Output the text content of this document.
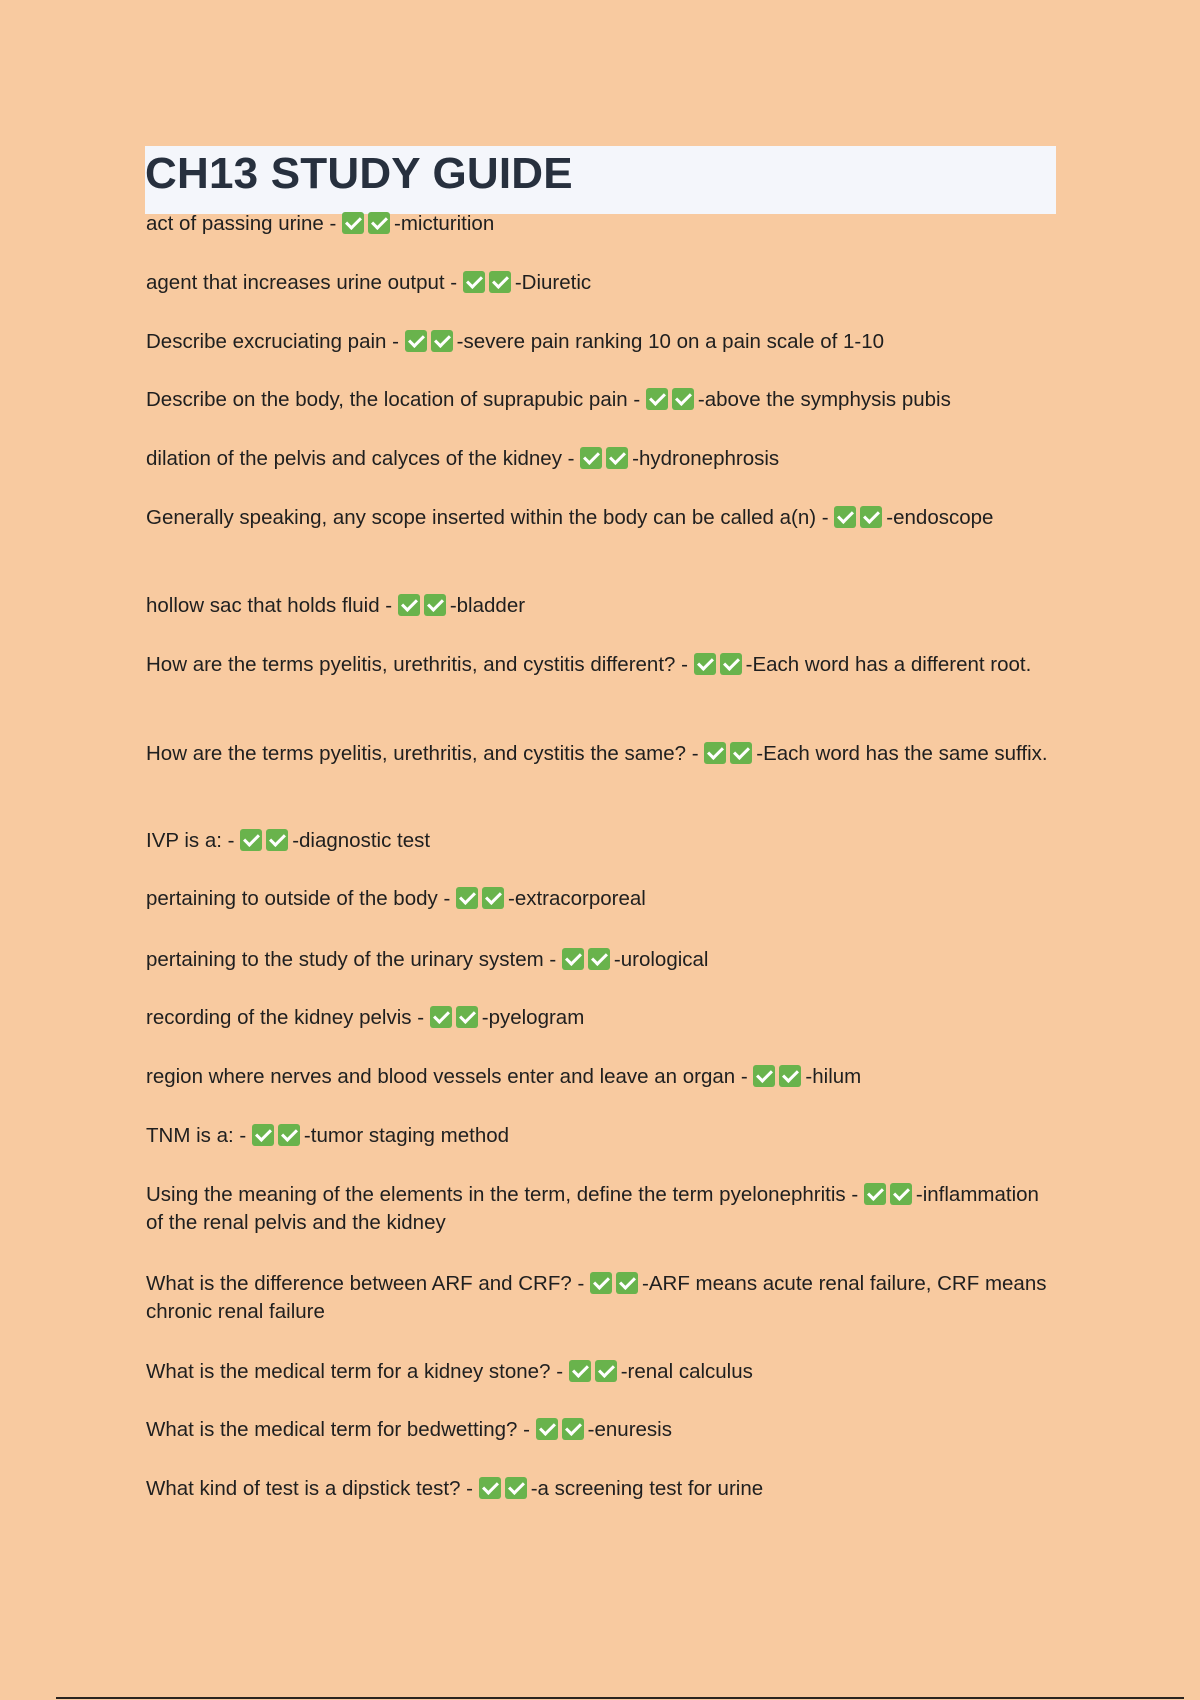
CH13 STUDY GUIDE
act of passing urine -	-micturition
agent that increases urine output -	-Diuretic
Describe excruciating pain -	-severe pain ranking 10 on a pain scale of 1-10
Describe on the body, the location of suprapubic pain -	-above the symphysis pubis
dilation of the pelvis and calyces of the kidney -	-hydronephrosis
Generally speaking, any scope inserted within the body can be called a(n) -	-endoscope
hollow sac that holds fluid -	-bladder
How are the terms pyelitis, urethritis, and cystitis different? -	-Each word has a different root.
How are the terms pyelitis, urethritis, and cystitis the same? -	-Each word has the same suffix.
IVP is a: -	-diagnostic test
pertaining to outside of the body -	-extracorporeal
pertaining to the study of the urinary system -	-urological
recording of the kidney pelvis -	-pyelogram
region where nerves and blood vessels enter and leave an organ -	-hilum
TNM is a: -	-tumor staging method
Using the meaning of the elements in the term, define the term pyelonephritis -	-inflammation of the renal pelvis and the kidney
What is the difference between ARF and CRF? -	-ARF means acute renal failure, CRF means chronic renal failure
What is the medical term for a kidney stone? -	-renal calculus
What is the medical term for bedwetting? -	-enuresis
What kind of test is a dipstick test? -	-a screening test for urine
